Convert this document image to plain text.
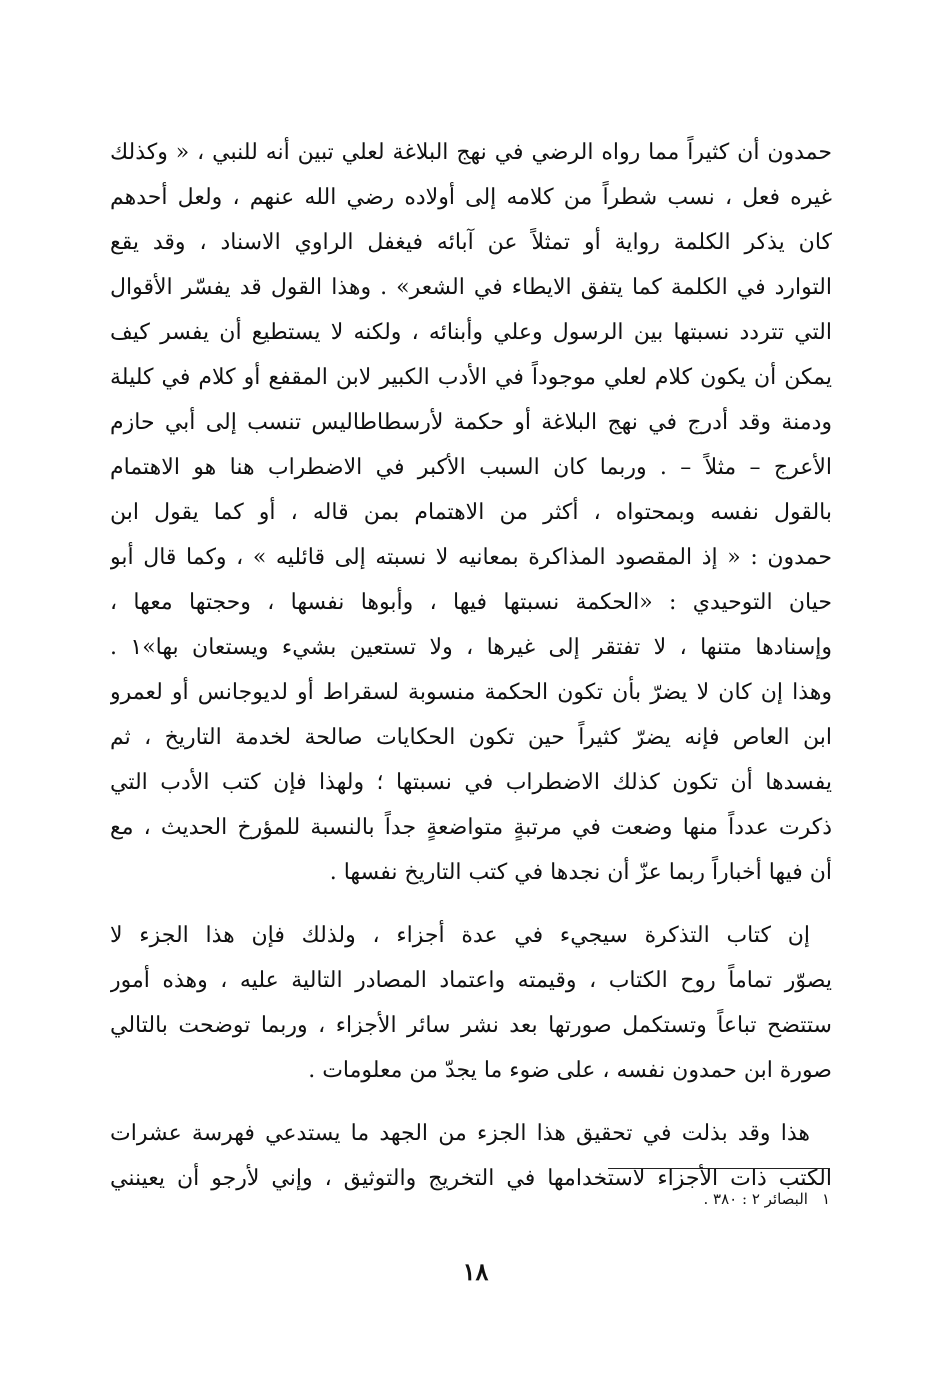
حمدون أن كثيراً مما رواه الرضي في نهج البلاغة لعلي تبين أنه للنبي ، « وكذلك
غيره فعل ، نسب شطراً من كلامه إلى أولاده رضي الله عنهم ، ولعل أحدهم
كان يذكر الكلمة رواية أو تمثلاً عن آبائه فيغفل الراوي الاسناد ، وقد يقع
التوارد في الكلمة كما يتفق الايطاء في الشعر» . وهذا القول قد يفسّر الأقوال
التي تتردد نسبتها بين الرسول وعلي وأبنائه ، ولكنه لا يستطيع أن يفسر كيف
يمكن أن يكون كلام لعلي موجوداً في الأدب الكبير لابن المقفع أو كلام في كليلة
ودمنة وقد أدرج في نهج البلاغة أو حكمة لأرسطاطاليس تنسب إلى أبي حازم
الأعرج – مثلاً – . وربما كان السبب الأكبر في الاضطراب هنا هو الاهتمام
بالقول نفسه وبمحتواه ، أكثر من الاهتمام بمن قاله ، أو كما يقول ابن
حمدون : « إذ المقصود المذاكرة بمعانيه لا نسبته إلى قائليه » ، وكما قال أبو
حيان التوحيدي : «الحكمة نسبتها فيها ، وأبوها نفسها ، وحجتها معها ،
وإسنادها متنها ، لا تفتقر إلى غيرها ، ولا تستعين بشيء ويستعان بها»١ .
وهذا إن كان لا يضرّ بأن تكون الحكمة منسوبة لسقراط أو لديوجانس أو لعمرو
ابن العاص فإنه يضرّ كثيراً حين تكون الحكايات صالحة لخدمة التاريخ ، ثم
يفسدها أن تكون كذلك الاضطراب في نسبتها ؛ ولهذا فإن كتب الأدب التي
ذكرت عدداً منها وضعت في مرتبةٍ متواضعةٍ جداً بالنسبة للمؤرخ الحديث ، مع
أن فيها أخباراً ربما عزّ أن نجدها في كتب التاريخ نفسها .
إن كتاب التذكرة سيجيء في عدة أجزاء ، ولذلك فإن هذا الجزء لا
يصوّر تماماً روح الكتاب ، وقيمته واعتماد المصادر التالية عليه ، وهذه أمور
ستتضح تباعاً وتستكمل صورتها بعد نشر سائر الأجزاء ، وربما توضحت بالتالي
صورة ابن حمدون نفسه ، على ضوء ما يجدّ من معلومات .
هذا وقد بذلت في تحقيق هذا الجزء من الجهد ما يستدعي فهرسة عشرات
الكتب ذات الأجزاء لاستخدامها في التخريج والتوثيق ، وإني لأرجو أن يعينني
١البصائر ٢ : ٣٨٠ .
١٨
